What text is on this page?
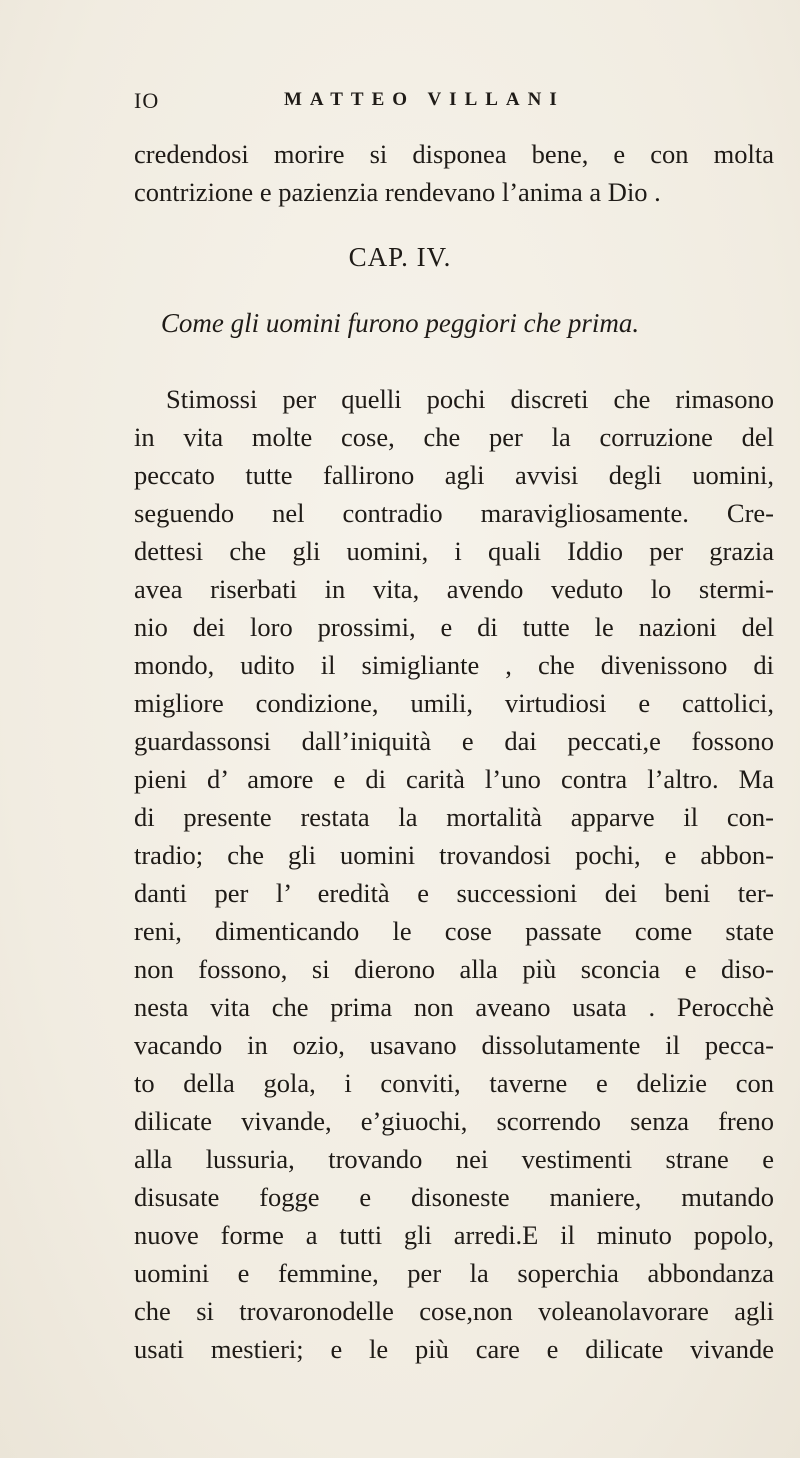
IO	MATTEO VILLANI
credendosi morire si disponea bene, e con molta
contrizione e pazienzia rendevano l’anima a Dio .
CAP. IV.
Come gli uomini furono peggiori che prima.
Stimossi per quelli pochi discreti che rimasono
in vita molte cose, che per la corruzione del
peccato tutte fallirono agli avvisi degli uomini,
seguendo nel contradio maravigliosamente. Cre-
dettesi che gli uomini, i quali Iddio per grazia
avea riserbati in vita, avendo veduto lo stermi-
nio dei loro prossimi, e di tutte le nazioni del
mondo, udito il simigliante , che divenissono di
migliore condizione, umili, virtudiosi e cattolici,
guardassonsi dall’iniquità e dai peccati,e fossono
pieni d’ amore e di carità l’uno contra l’altro. Ma
di presente restata la mortalità apparve il con-
tradio; che gli uomini trovandosi pochi, e abbon-
danti per l’ eredità e successioni dei beni ter-
reni, dimenticando le cose passate come state
non fossono, si dierono alla più sconcia e diso-
nesta vita che prima non aveano usata . Perocchè
vacando in ozio, usavano dissolutamente il pecca-
to della gola, i conviti, taverne e delizie con
dilicate vivande, e’giuochi, scorrendo senza freno
alla lussuria, trovando nei vestimenti strane e
disusate fogge e disoneste maniere, mutando
nuove forme a tutti gli arredi.E il minuto popolo,
uomini e femmine, per la soperchia abbondanza
che si trovaronodelle cose,non voleanolavorare agli
usati mestieri; e le più care e dilicate vivande
